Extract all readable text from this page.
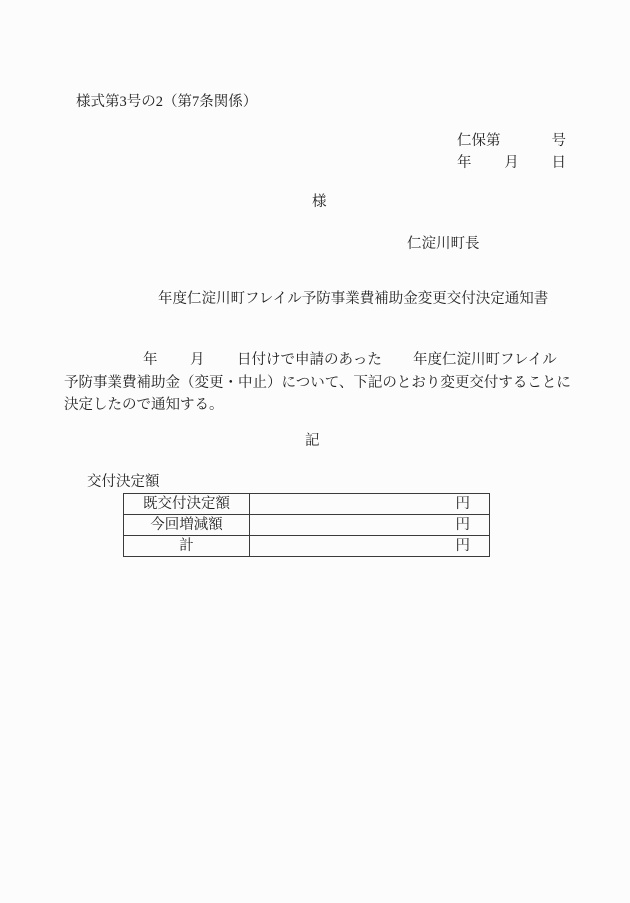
様式第3号の2（第7条関係）
仁保第	号
年 月 日
様
仁淀川町長
年度仁淀川町フレイル予防事業費補助金変更交付決定通知書

年

月

日付けで申請のあった

年度仁淀川町フレイル

予防事業費補助金（変更・中止）について、下記のとおり変更交付することに
決定したので通知する。
記
交付決定額
既交付決定額	円
今回増減額	円
計	円
